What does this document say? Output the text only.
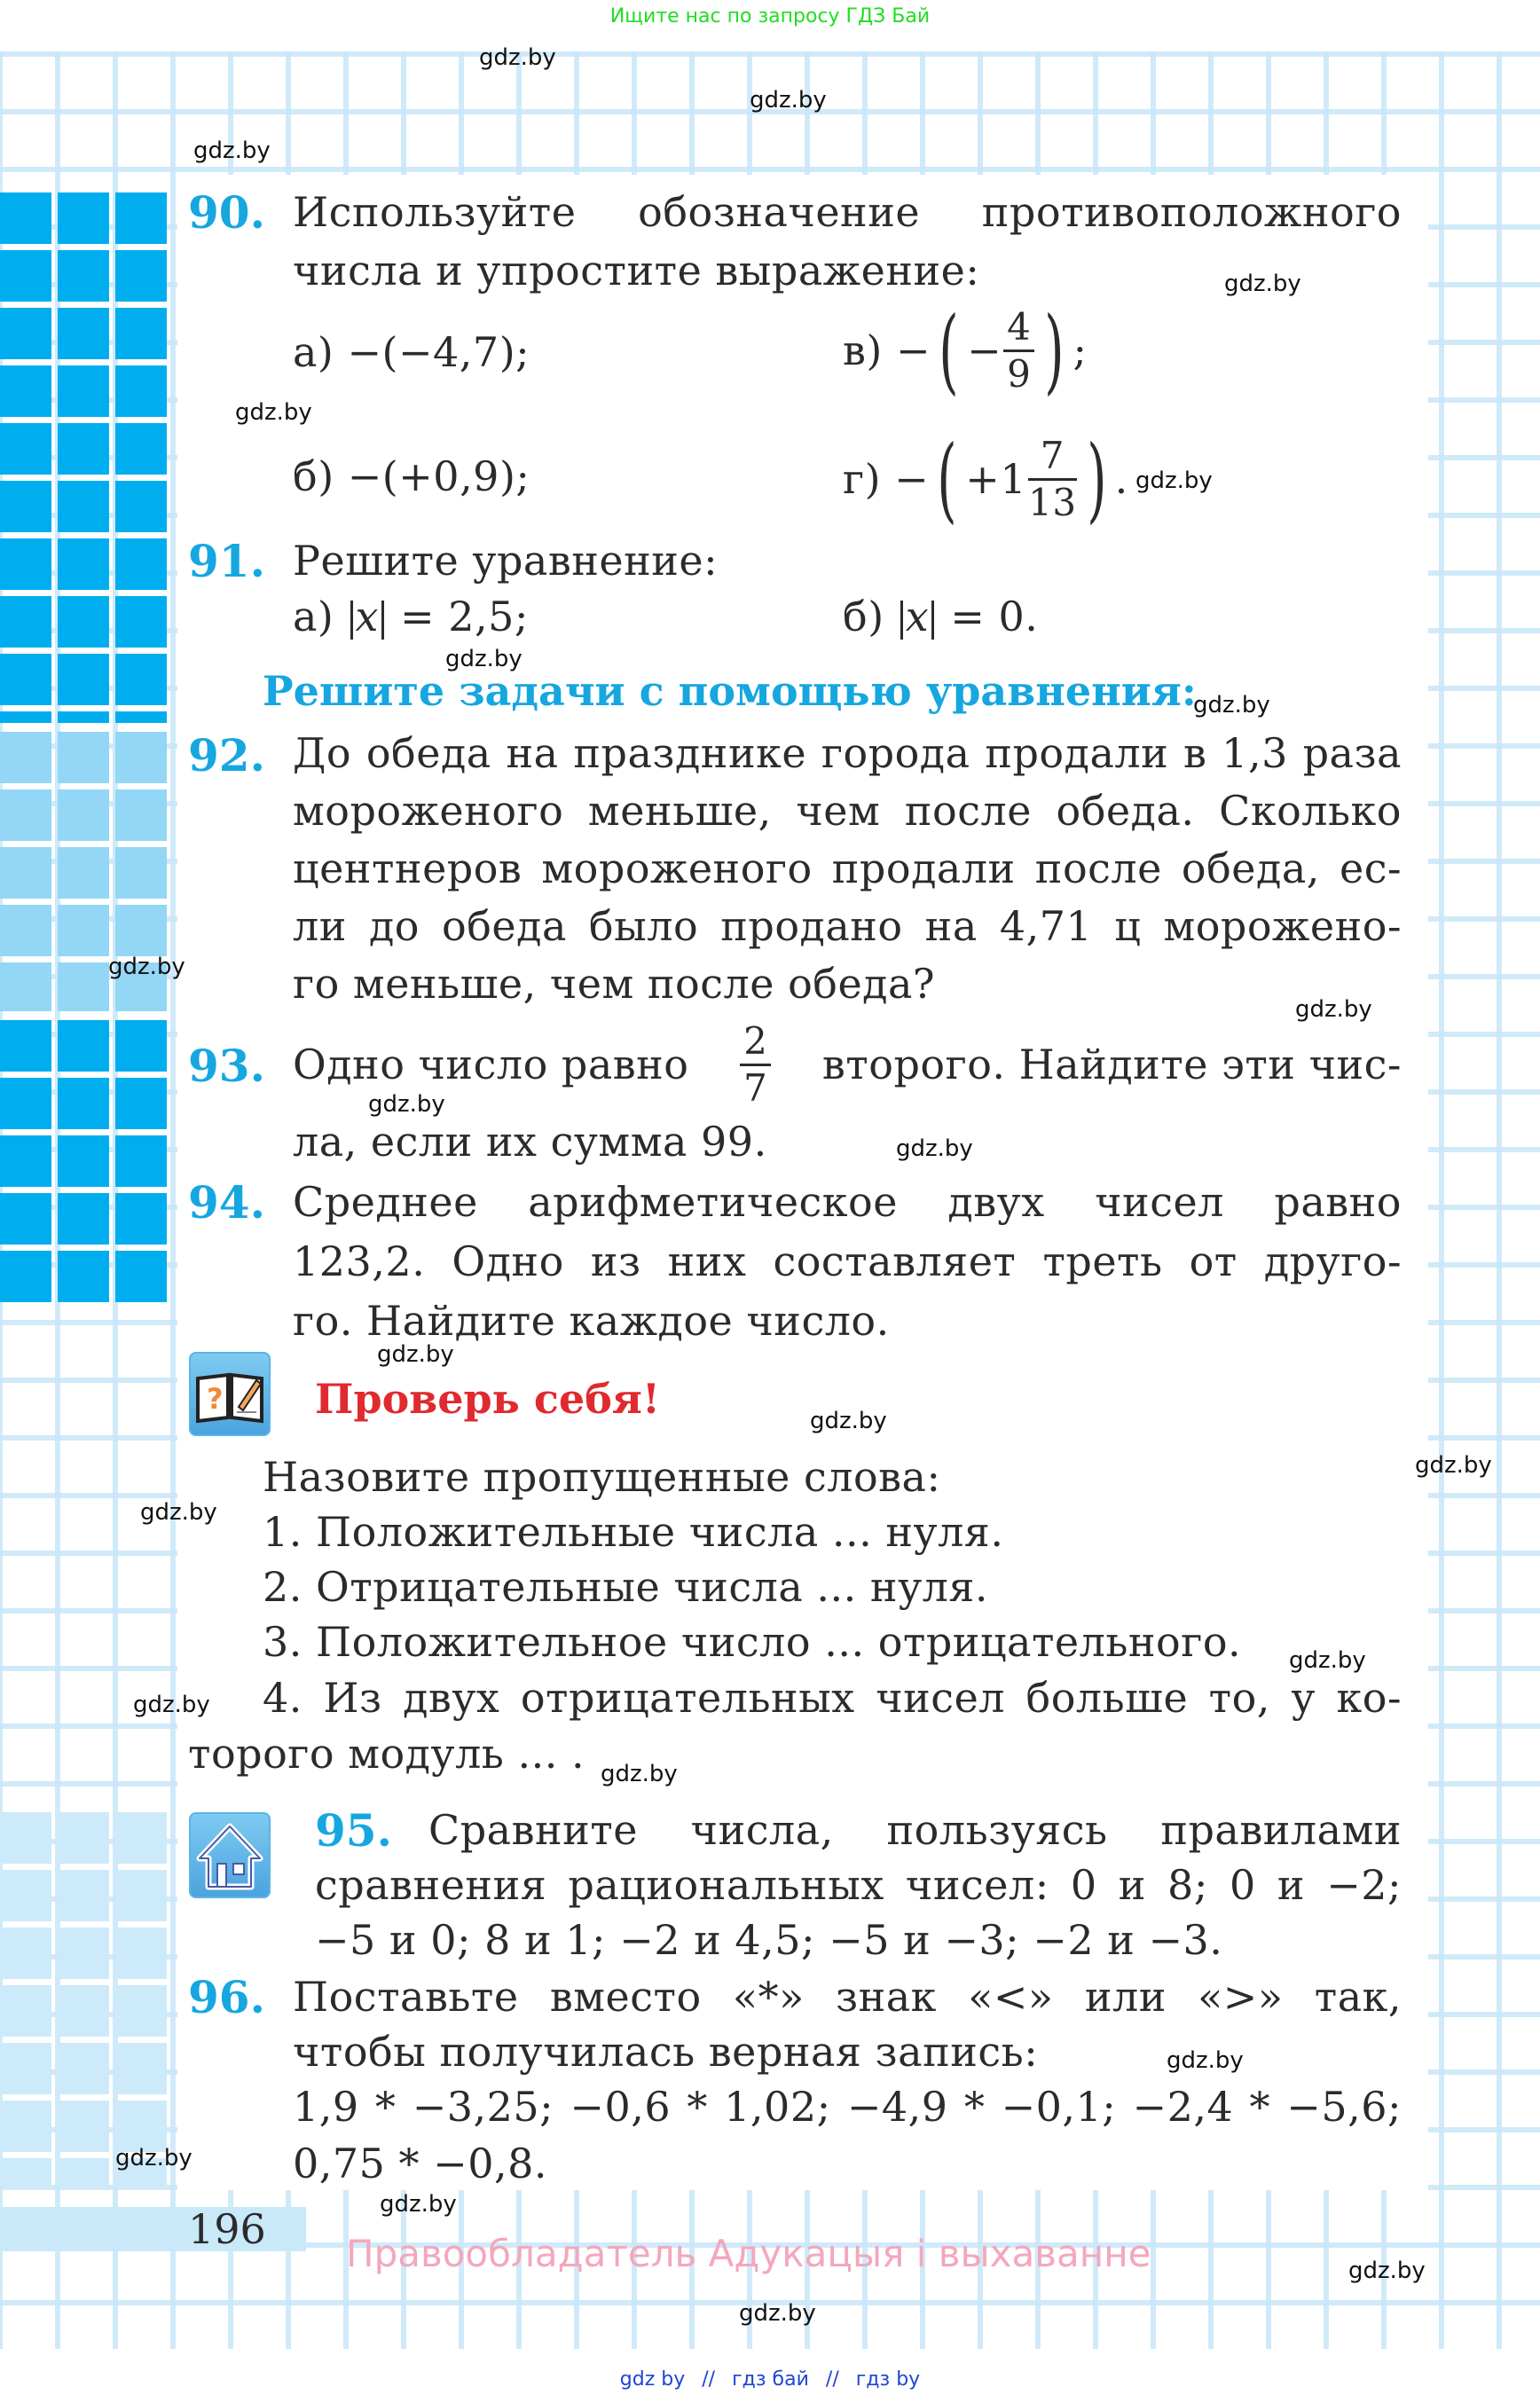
Ищите нас по запросу ГДЗ Бай
90. Используйте обозначение противоположного
числа и упростите выражение:
а) −(−4,7);
б) −(+0,9);
в)
− ( − $\frac{4}{9}$ ) ;
г)
− ( $+1 \frac{7}{13}$ ) .
91. Решите уравнение:
а) x = 2,5;	б) x = 0.
Решите задачи с помощью уравнения:
92. До обеда на празднике города продали в 1,3 раза
мороженого меньше, чем после обеда. Сколько
центнеров мороженого продали после обеда, ес-
ли до обеда было продано на 4,71 ц морожено-
го меньше, чем после обеда?
93. Одно число равно $\frac{2}{7}$ второго. Найдите эти чис-
ла, если их сумма 99.
94. Среднее арифметическое двух чисел равно
123,2. Одно из них составляет треть от друго-
го. Найдите каждое число.
? Проверь себя!
Назовите пропущенные слова:
1. Положительные числа ... нуля.
2. Отрицательные числа ... нуля.
3. Положительное число ... отрицательного.
4. Из двух отрицательных чисел больше то, у ко-
торого модуль ... .
95. Сравните числа, пользуясь правилами
сравнения рациональных чисел: 0 и 8; 0 и −2;
−5 и 0; 8 и 1; −2 и 4,5; −5 и −3; −2 и −3.
96. Поставьте вместо «*» знак «<» или «>» так,
чтобы получилась верная запись:
1,9 * −3,25; −0,6 * 1,02; −4,9 * −0,1; −2,4 * −5,6;
0,75 * −0,8.
196
Правообладатель Адукацыя і выхаванне
gdz.by
gdz.by
gdz.by
gdz.by
gdz.by
gdz.by
gdz.by
gdz.by
gdz.by
gdz.by
gdz.by
gdz.by
gdz.by
gdz.by
gdz.by
gdz.by
gdz.by
gdz.by
gdz.by
gdz.by
gdz.by
gdz.by
gdz.by
gdz.by
gdz by // гдз бай // гдз by
